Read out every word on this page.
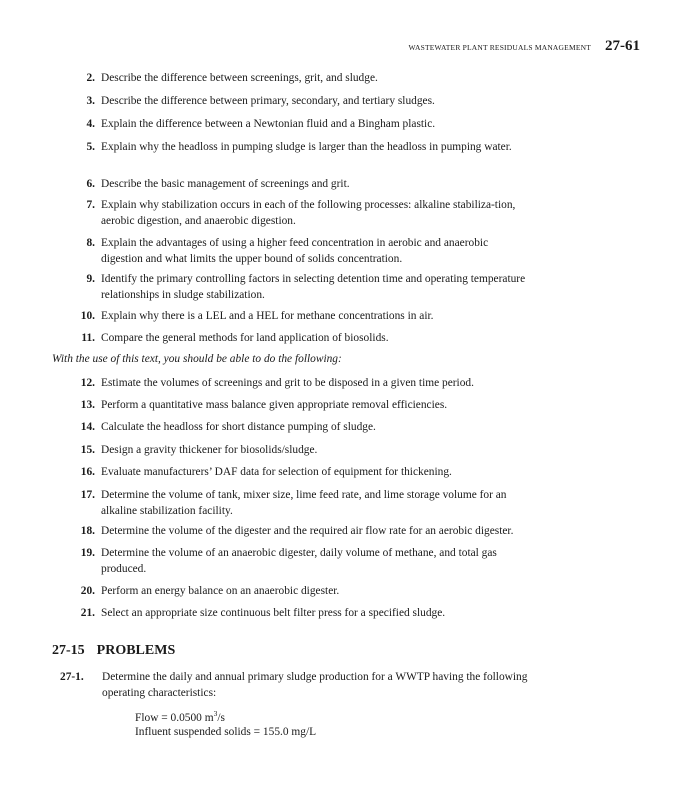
WASTEWATER PLANT RESIDUALS MANAGEMENT 27-61
2. Describe the difference between screenings, grit, and sludge.
3. Describe the difference between primary, secondary, and tertiary sludges.
4. Explain the difference between a Newtonian fluid and a Bingham plastic.
5. Explain why the headloss in pumping sludge is larger than the headloss in pumping water.
6. Describe the basic management of screenings and grit.
7. Explain why stabilization occurs in each of the following processes: alkaline stabiliza-tion, aerobic digestion, and anaerobic digestion.
8. Explain the advantages of using a higher feed concentration in aerobic and anaerobic digestion and what limits the upper bound of solids concentration.
9. Identify the primary controlling factors in selecting detention time and operating temperature relationships in sludge stabilization.
10. Explain why there is a LEL and a HEL for methane concentrations in air.
11. Compare the general methods for land application of biosolids.
12. Estimate the volumes of screenings and grit to be disposed in a given time period.
13. Perform a quantitative mass balance given appropriate removal efficiencies.
14. Calculate the headloss for short distance pumping of sludge.
15. Design a gravity thickener for biosolids/sludge.
16. Evaluate manufacturers’ DAF data for selection of equipment for thickening.
17. Determine the volume of tank, mixer size, lime feed rate, and lime storage volume for an alkaline stabilization facility.
18. Determine the volume of the digester and the required air flow rate for an aerobic digester.
19. Determine the volume of an anaerobic digester, daily volume of methane, and total gas produced.
20. Perform an energy balance on an anaerobic digester.
21. Select an appropriate size continuous belt filter press for a specified sludge.
With the use of this text, you should be able to do the following:
27-15 PROBLEMS
27-1.	Determine the daily and annual primary sludge production for a WWTP having the following operating characteristics:
Flow = 0.0500 $m^3/s$
Influent suspended solids = 155.0 mg/L
